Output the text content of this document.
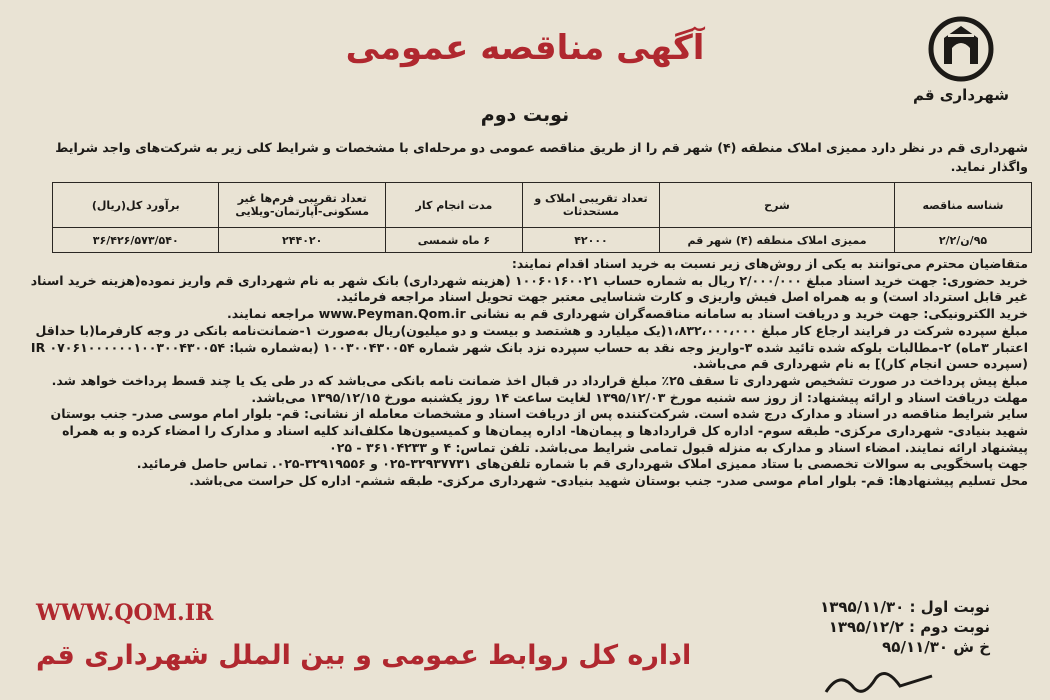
شهرداری قم
آگهی مناقصه عمومی
نوبت دوم
شهرداری قم در نظر دارد ممیزی املاک منطقه (۴) شهر قم را از طریق مناقصه عمومی دو مرحله‌ای با مشخصات و شرایط کلی زیر به شرکت‌های واجد شرایط واگذار نماید.
شناسه مناقصه	شرح	تعداد تقریبی املاک و مستحدثات	مدت انجام کار	تعداد تقریبی فرم‌ها غیر مسکونی-آپارتمان-ویلایی	برآورد کل(ریال)
۹۵/ن/۲/۲	ممیزی املاک منطقه (۴) شهر قم	۴۲۰۰۰	۶ ماه شمسی	۲۴۴۰۲۰	۳۶/۴۲۶/۵۷۳/۵۴۰

متقاضیان محترم می‌توانند به یکی از روش‌های زیر نسبت به خرید اسناد اقدام نمایند:

خرید حضوری: جهت خرید اسناد مبلغ ۲/۰۰۰/۰۰۰ ریال به شماره حساب ۱۰۰۶۰۱۶۰۰۲۱ (هزینه شهرداری) بانک شهر به نام شهرداری قم واریز نموده(هزینه خرید اسناد غیر قابل استرداد است) و به همراه اصل فیش واریزی و کارت شناسایی معتبر جهت تحویل اسناد مراجعه فرمائید.

خرید الکترونیکی: جهت خرید و دریافت اسناد به سامانه مناقصه‌گران شهرداری قم به نشانی www.Peyman.Qom.ir مراجعه نمایند.

مبلغ سپرده شرکت در فرایند ارجاع کار مبلغ ۱،۸۳۲،۰۰۰،۰۰۰(یک میلیارد و هشتصد و بیست و دو میلیون)ریال به‌صورت ۱-ضمانت‌نامه بانکی در وجه کارفرما(با حداقل اعتبار ۳ماه) ۲-مطالبات بلوکه شده تائید شده ۳-واریز وجه نقد به حساب سپرده نزد بانک شهر شماره ۱۰۰۳۰۰۴۳۰۰۵۴ (به‌شماره شبا: IR ۰۷۰۶۱۰۰۰۰۰۰۱۰۰۳۰۰۴۳۰۰۵۴ (سپرده حسن انجام کار)] به نام شهرداری قم می‌باشد.

مبلغ پیش پرداخت در صورت تشخیص شهرداری تا سقف ۲۵٪ مبلغ قرارداد در قبال اخذ ضمانت نامه بانکی می‌باشد که در طی یک یا چند قسط پرداخت خواهد شد.

مهلت دریافت اسناد و ارائه پیشنهاد: از روز سه شنبه مورخ ۱۳۹۵/۱۲/۰۳ لغایت ساعت ۱۴ روز یکشنبه مورخ ۱۳۹۵/۱۲/۱۵ می‌باشد.

سایر شرایط مناقصه در اسناد و مدارک درج شده است. شرکت‌کننده پس از دریافت اسناد و مشخصات معامله از نشانی: قم- بلوار امام موسی صدر- جنب بوستان شهید بنیادی- شهرداری مرکزی- طبقه سوم- اداره کل قراردادها و پیمان‌ها- اداره پیمان‌ها و کمیسیون‌ها مکلف‌اند کلیه اسناد و مدارک را امضاء کرده و به همراه پیشنهاد ارائه نمایند. امضاء اسناد و مدارک به منزله قبول تمامی شرایط می‌باشد. تلفن تماس: ۴ و ۳۶۱۰۴۲۳۳ - ۰۲۵

جهت پاسخگویی به سوالات تخصصی با ستاد ممیزی املاک شهرداری قم با شماره تلفن‌های ۳۲۹۳۷۷۳۱-۰۲۵ و ۳۲۹۱۹۵۵۶-۰۲۵. تماس حاصل فرمائید.

محل تسلیم پیشنهادها: قم- بلوار امام موسی صدر- جنب بوستان شهید بنیادی- شهرداری مرکزی- طبقه ششم- اداره کل حراست می‌باشد.

WWW.QOM.IR	نوبت اول : ۱۳۹۵/۱۱/۳۰
نوبت دوم : ۱۳۹۵/۱۲/۲
خ ش ۹۵/۱۱/۳۰
اداره کل روابط عمومی و بین الملل شهرداری قم
